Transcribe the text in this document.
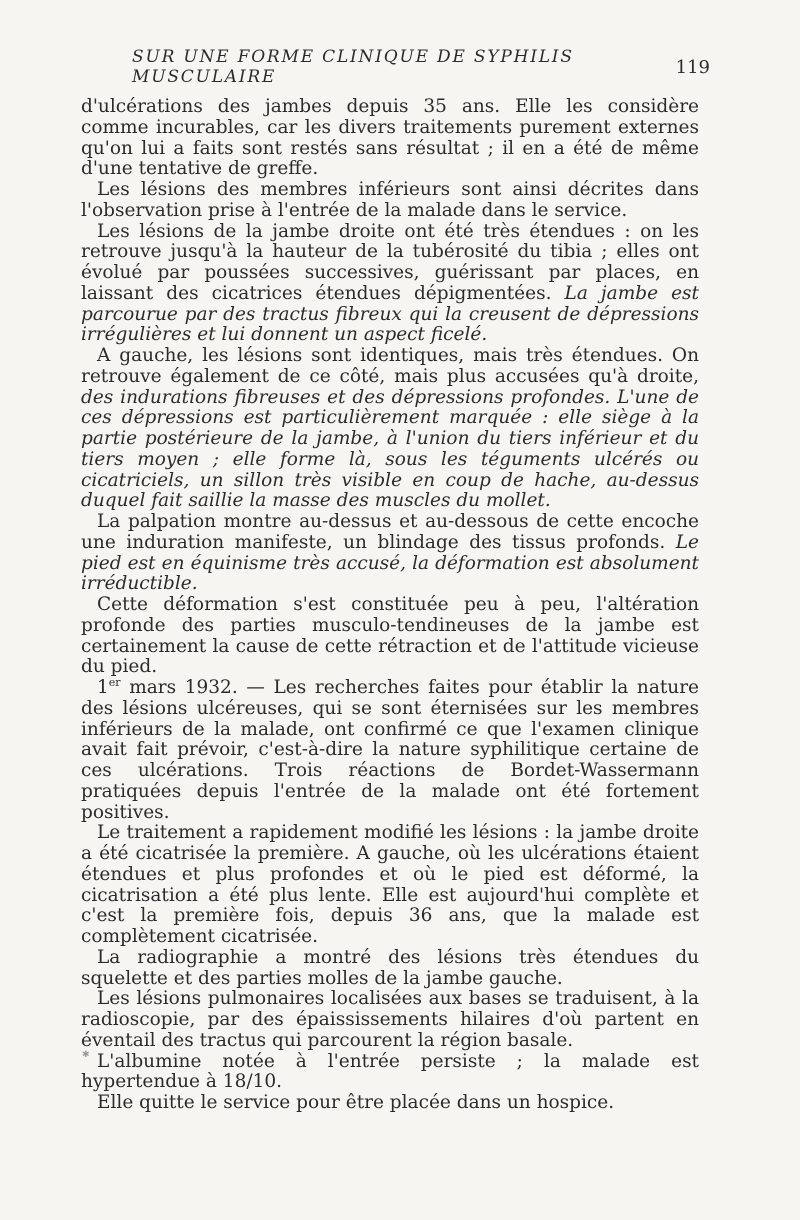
SUR UNE FORME CLINIQUE DE SYPHILIS MUSCULAIRE	119

d'ulcérations des jambes depuis 35 ans. Elle les considère comme incurables, car les divers traitements purement externes qu'on lui a faits sont restés sans résultat ; il en a été de même d'une tentative de greffe.

Les lésions des membres inférieurs sont ainsi décrites dans l'observation prise à l'entrée de la malade dans le service.

Les lésions de la jambe droite ont été très étendues : on les retrouve jusqu'à la hauteur de la tubérosité du tibia ; elles ont évolué par poussées successives, guérissant par places, en laissant des cicatrices étendues dépigmentées. La jambe est parcourue par des tractus fibreux qui la creusent de dépressions irrégulières et lui donnent un aspect ficelé.

A gauche, les lésions sont identiques, mais très étendues. On retrouve également de ce côté, mais plus accusées qu'à droite, des indurations fibreuses et des dépressions profondes. L'une de ces dépressions est particulièrement marquée : elle siège à la partie postérieure de la jambe, à l'union du tiers inférieur et du tiers moyen ; elle forme là, sous les téguments ulcérés ou cicatriciels, un sillon très visible en coup de hache, au-dessus duquel fait saillie la masse des muscles du mollet.

La palpation montre au-dessus et au-dessous de cette encoche une induration manifeste, un blindage des tissus profonds. Le pied est en équinisme très accusé, la déformation est absolument irréductible.

Cette déformation s'est constituée peu à peu, l'altération profonde des parties musculo-tendineuses de la jambe est certainement la cause de cette rétraction et de l'attitude vicieuse du pied.

1er mars 1932. — Les recherches faites pour établir la nature des lésions ulcéreuses, qui se sont éternisées sur les membres inférieurs de la malade, ont confirmé ce que l'examen clinique avait fait prévoir, c'est-à-dire la nature syphilitique certaine de ces ulcérations. Trois réactions de Bordet-Wassermann pratiquées depuis l'entrée de la malade ont été fortement positives.

Le traitement a rapidement modifié les lésions : la jambe droite a été cicatrisée la première. A gauche, où les ulcérations étaient étendues et plus profondes et où le pied est déformé, la cicatrisation a été plus lente. Elle est aujourd'hui complète et c'est la première fois, depuis 36 ans, que la malade est complètement cicatrisée.

La radiographie a montré des lésions très étendues du squelette et des parties molles de la jambe gauche.

Les lésions pulmonaires localisées aux bases se traduisent, à la radioscopie, par des épaississements hilaires d'où partent en éventail des tractus qui parcourent la région basale.

L'albumine notée à l'entrée persiste ; la malade est hypertendue à 18/10.

Elle quitte le service pour être placée dans un hospice.

✱
